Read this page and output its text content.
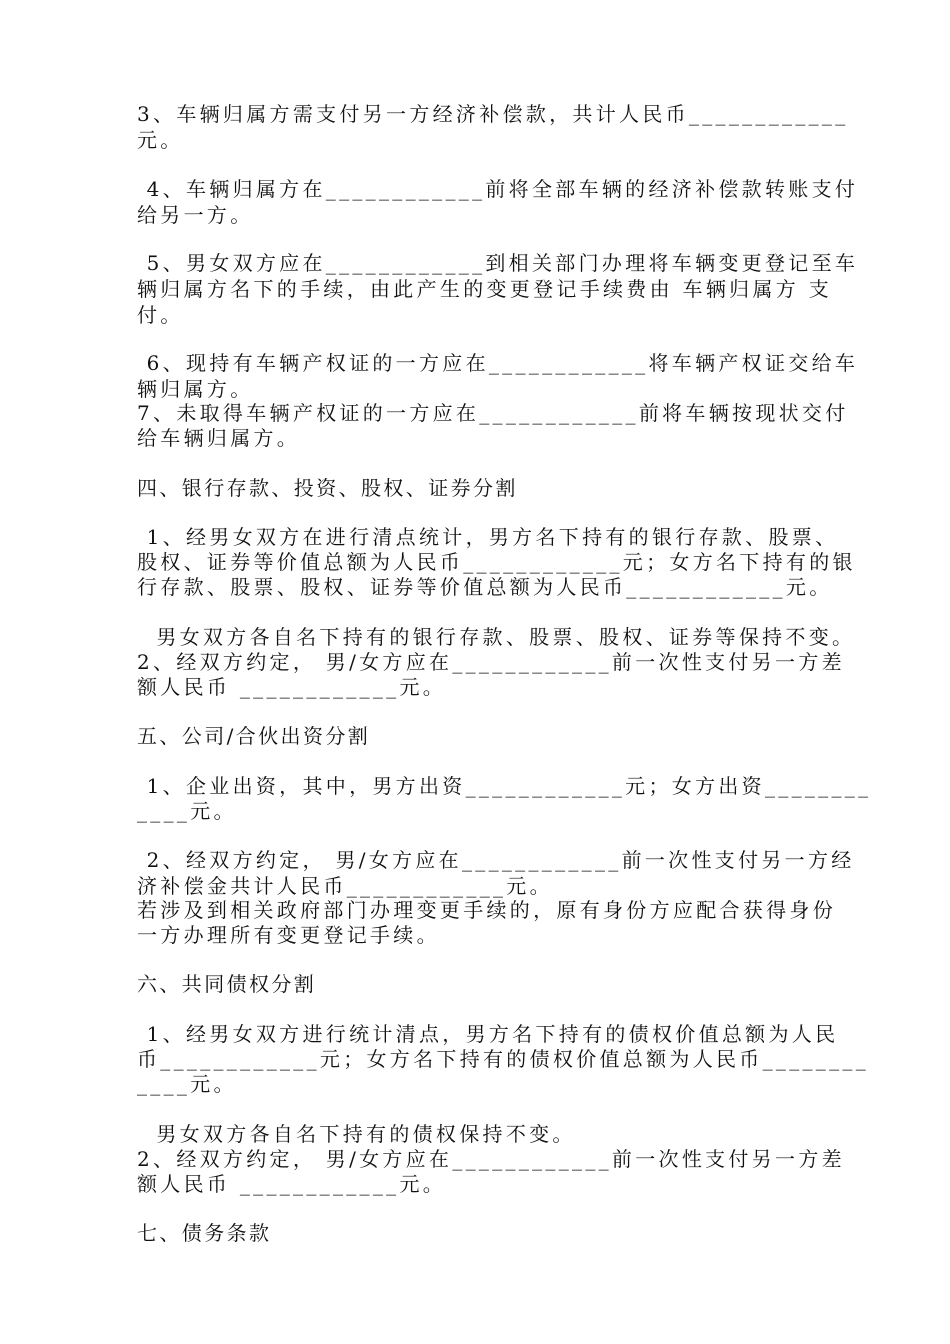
3、车辆归属方需支付另一方经济补偿款，共计人民币____________

元。

4、车辆归属方在____________前将全部车辆的经济补偿款转账支付

给另一方。

5、男女双方应在____________到相关部门办理将车辆变更登记至车

辆归属方名下的手续，由此产生的变更登记手续费由 车辆归属方 支

付。

6、现持有车辆产权证的一方应在____________将车辆产权证交给车

辆归属方。

7、未取得车辆产权证的一方应在____________前将车辆按现状交付

给车辆归属方。

四、银行存款、投资、股权、证券分割

1、经男女双方在进行清点统计，男方名下持有的银行存款、股票、

股权、证券等价值总额为人民币____________元；女方名下持有的银

行存款、股票、股权、证券等价值总额为人民币____________元。

男女双方各自名下持有的银行存款、股票、股权、证券等保持不变。

2、经双方约定， 男/女方应在____________前一次性支付另一方差

额人民币 ____________元。

五、公司/合伙出资分割

1、企业出资，其中，男方出资____________元；女方出资________

____元。

2、经双方约定， 男/女方应在____________前一次性支付另一方经

济补偿金共计人民币____________元。

若涉及到相关政府部门办理变更手续的，原有身份方应配合获得身份

一方办理所有变更登记手续。

六、共同债权分割

1、经男女双方进行统计清点，男方名下持有的债权价值总额为人民

币____________元；女方名下持有的债权价值总额为人民币________

____元。

男女双方各自名下持有的债权保持不变。

2、经双方约定， 男/女方应在____________前一次性支付另一方差

额人民币 ____________元。

七、债务条款
